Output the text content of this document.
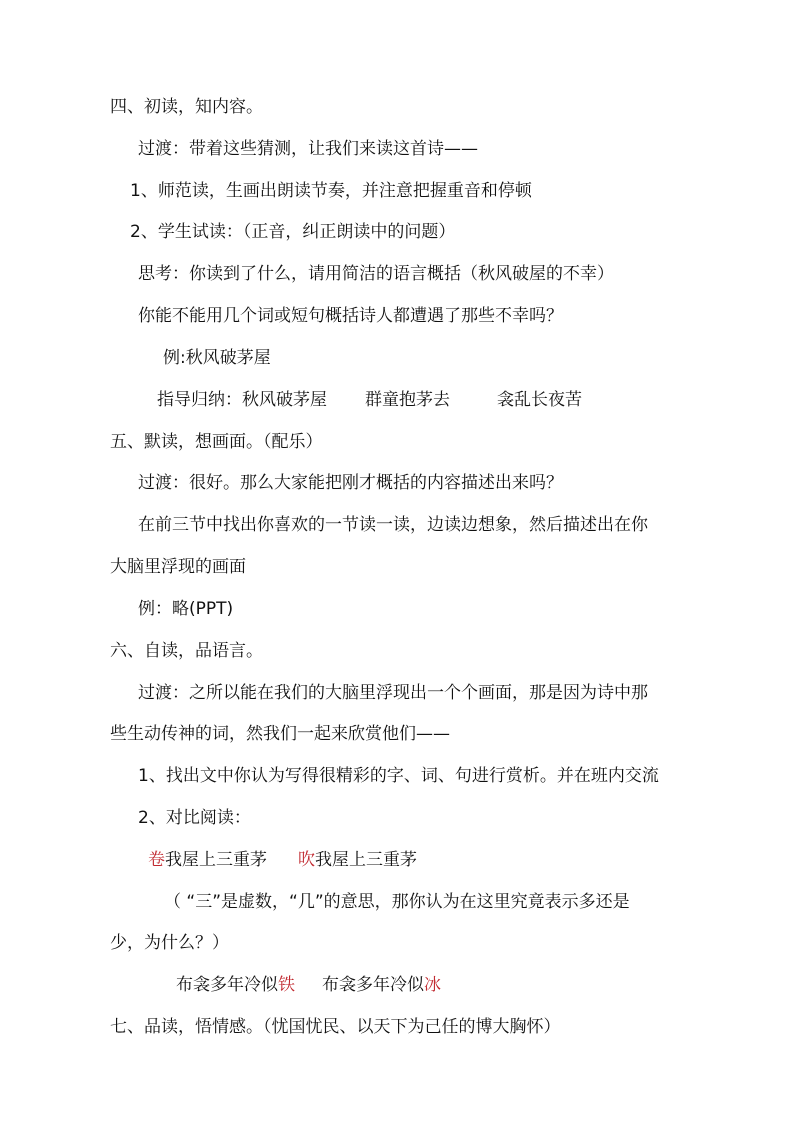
四、初读，知内容。
过渡：带着这些猜测，让我们来读这首诗——
1、师范读，生画出朗读节奏，并注意把握重音和停顿
2、学生试读：（正音，纠正朗读中的问题）
思考：你读到了什么，请用简洁的语言概括（秋风破屋的不幸）
你能不能用几个词或短句概括诗人都遭遇了那些不幸吗？
例:秋风破茅屋
指导归纳：秋风破茅屋 群童抱茅去	衾乱长夜苦
五、默读，想画面。（配乐）
过渡：很好。那么大家能把刚才概括的内容描述出来吗？
在前三节中找出你喜欢的一节读一读，边读边想象，然后描述出在你
大脑里浮现的画面
例：略(PPT)
六、自读，品语言。
过渡：之所以能在我们的大脑里浮现出一个个画面，那是因为诗中那
些生动传神的词，然我们一起来欣赏他们——
1、找出文中你认为写得很精彩的字、词、句进行赏析。并在班内交流
2、对比阅读：
卷我屋上三重茅 吹我屋上三重茅
（ “三”是虚数，“几”的意思，那你认为在这里究竟表示多还是
少，为什么？）
布衾多年冷似铁 布衾多年冷似冰
七、品读，悟情感。（忧国忧民、以天下为己任的博大胸怀）
